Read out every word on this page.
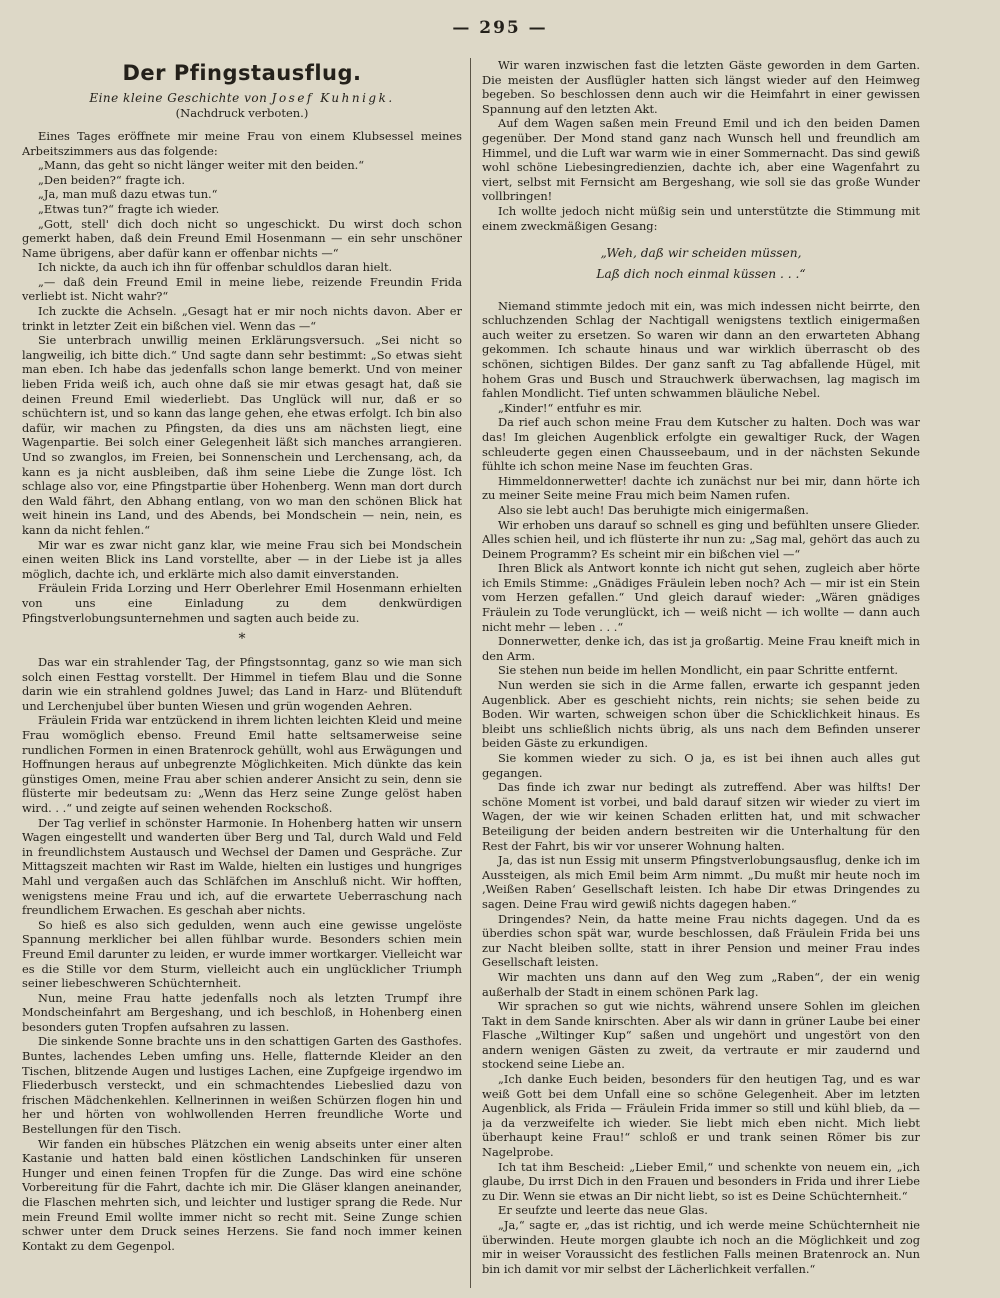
— 295 —
Der Pfingstausflug.
Eine kleine Geschichte von Josef Kuhnigk.
(Nachdruck verboten.)

Eines Tages eröffnete mir meine Frau von einem Klubsessel meines Arbeitszimmers aus das folgende:

„Mann, das geht so nicht länger weiter mit den beiden.“

„Den beiden?“ fragte ich.

„Ja, man muß dazu etwas tun.“

„Etwas tun?“ fragte ich wieder.

„Gott, stell' dich doch nicht so ungeschickt. Du wirst doch schon gemerkt haben, daß dein Freund Emil Hosenmann — ein sehr unschöner Name übrigens, aber dafür kann er offenbar nichts —“

Ich nickte, da auch ich ihn für offenbar schuldlos daran hielt.

„— daß dein Freund Emil in meine liebe, reizende Freundin Frida verliebt ist. Nicht wahr?“

Ich zuckte die Achseln. „Gesagt hat er mir noch nichts davon. Aber er trinkt in letzter Zeit ein bißchen viel. Wenn das —“

Sie unterbrach unwillig meinen Erklärungsversuch. „Sei nicht so langweilig, ich bitte dich.“ Und sagte dann sehr bestimmt: „So etwas sieht man eben. Ich habe das jedenfalls schon lange bemerkt. Und von meiner lieben Frida weiß ich, auch ohne daß sie mir etwas gesagt hat, daß sie deinen Freund Emil wiederliebt. Das Unglück will nur, daß er so schüchtern ist, und so kann das lange gehen, ehe etwas erfolgt. Ich bin also dafür, wir machen zu Pfingsten, da dies uns am nächsten liegt, eine Wagenpartie. Bei solch einer Gelegenheit läßt sich manches arrangieren. Und so zwanglos, im Freien, bei Sonnenschein und Lerchensang, ach, da kann es ja nicht ausbleiben, daß ihm seine Liebe die Zunge löst. Ich schlage also vor, eine Pfingstpartie über Hohenberg. Wenn man dort durch den Wald fährt, den Abhang entlang, von wo man den schönen Blick hat weit hinein ins Land, und des Abends, bei Mondschein — nein, nein, es kann da nicht fehlen.“

Mir war es zwar nicht ganz klar, wie meine Frau sich bei Mondschein einen weiten Blick ins Land vorstellte, aber — in der Liebe ist ja alles möglich, dachte ich, und erklärte mich also damit einverstanden.

Fräulein Frida Lorzing und Herr Oberlehrer Emil Hosenmann erhielten von uns eine Einladung zu dem denkwürdigen Pfingstverlobungsunternehmen und sagten auch beide zu.

*

Das war ein strahlender Tag, der Pfingstsonntag, ganz so wie man sich solch einen Festtag vorstellt. Der Himmel in tiefem Blau und die Sonne darin wie ein strahlend goldnes Juwel; das Land in Harz- und Blütenduft und Lerchenjubel über bunten Wiesen und grün wogenden Aehren.

Fräulein Frida war entzückend in ihrem lichten leichten Kleid und meine Frau womöglich ebenso. Freund Emil hatte seltsamerweise seine rundlichen Formen in einen Bratenrock gehüllt, wohl aus Erwägungen und Hoffnungen heraus auf unbegrenzte Möglichkeiten. Mich dünkte das kein günstiges Omen, meine Frau aber schien anderer Ansicht zu sein, denn sie flüsterte mir bedeutsam zu: „Wenn das Herz seine Zunge gelöst haben wird. . .“ und zeigte auf seinen wehenden Rockschoß.

Der Tag verlief in schönster Harmonie. In Hohenberg hatten wir unsern Wagen eingestellt und wanderten über Berg und Tal, durch Wald und Feld in freundlichstem Austausch und Wechsel der Damen und Gespräche. Zur Mittagszeit machten wir Rast im Walde, hielten ein lustiges und hungriges Mahl und vergaßen auch das Schläfchen im Anschluß nicht. Wir hofften, wenigstens meine Frau und ich, auf die erwartete Ueberraschung nach freundlichem Erwachen. Es geschah aber nichts.

So hieß es also sich gedulden, wenn auch eine gewisse ungelöste Spannung merklicher bei allen fühlbar wurde. Besonders schien mein Freund Emil darunter zu leiden, er wurde immer wortkarger. Vielleicht war es die Stille vor dem Sturm, vielleicht auch ein unglücklicher Triumph seiner liebeschweren Schüchternheit.

Nun, meine Frau hatte jedenfalls noch als letzten Trumpf ihre Mondscheinfahrt am Bergeshang, und ich beschloß, in Hohenberg einen besonders guten Tropfen aufsahren zu lassen.

Die sinkende Sonne brachte uns in den schattigen Garten des Gasthofes. Buntes, lachendes Leben umfing uns. Helle, flatternde Kleider an den Tischen, blitzende Augen und lustiges Lachen, eine Zupfgeige irgendwo im Fliederbusch versteckt, und ein schmachtendes Liebeslied dazu von frischen Mädchenkehlen. Kellnerinnen in weißen Schürzen flogen hin und her und hörten von wohlwollenden Herren freundliche Worte und Bestellungen für den Tisch.

Wir fanden ein hübsches Plätzchen ein wenig abseits unter einer alten Kastanie und hatten bald einen köstlichen Landschinken für unseren Hunger und einen feinen Tropfen für die Zunge. Das wird eine schöne Vorbereitung für die Fahrt, dachte ich mir. Die Gläser klangen aneinander, die Flaschen mehrten sich, und leichter und lustiger sprang die Rede. Nur mein Freund Emil wollte immer nicht so recht mit. Seine Zunge schien schwer unter dem Druck seines Herzens. Sie fand noch immer keinen Kontakt zu dem Gegenpol.

Wir waren inzwischen fast die letzten Gäste geworden in dem Garten. Die meisten der Ausflügler hatten sich längst wieder auf den Heimweg begeben. So beschlossen denn auch wir die Heimfahrt in einer gewissen Spannung auf den letzten Akt.

Auf dem Wagen saßen mein Freund Emil und ich den beiden Damen gegenüber. Der Mond stand ganz nach Wunsch hell und freundlich am Himmel, und die Luft war warm wie in einer Sommernacht. Das sind gewiß wohl schöne Liebesingredienzien, dachte ich, aber eine Wagenfahrt zu viert, selbst mit Fernsicht am Bergeshang, wie soll sie das große Wunder vollbringen!

Ich wollte jedoch nicht müßig sein und unterstützte die Stimmung mit einem zweckmäßigen Gesang:

„Weh, daß wir scheiden müssen,
Laß dich noch einmal küssen . . .“

Niemand stimmte jedoch mit ein, was mich indessen nicht beirrte, den schluchzenden Schlag der Nachtigall wenigstens textlich einigermaßen auch weiter zu ersetzen. So waren wir dann an den erwarteten Abhang gekommen. Ich schaute hinaus und war wirklich überrascht ob des schönen, sichtigen Bildes. Der ganz sanft zu Tag abfallende Hügel, mit hohem Gras und Busch und Strauchwerk überwachsen, lag magisch im fahlen Mondlicht. Tief unten schwammen bläuliche Nebel.

„Kinder!“ entfuhr es mir.

Da rief auch schon meine Frau dem Kutscher zu halten. Doch was war das! Im gleichen Augenblick erfolgte ein gewaltiger Ruck, der Wagen schleuderte gegen einen Chausseebaum, und in der nächsten Sekunde fühlte ich schon meine Nase im feuchten Gras.

Himmeldonnerwetter! dachte ich zunächst nur bei mir, dann hörte ich zu meiner Seite meine Frau mich beim Namen rufen.

Also sie lebt auch! Das beruhigte mich einigermaßen.

Wir erhoben uns darauf so schnell es ging und befühlten unsere Glieder. Alles schien heil, und ich flüsterte ihr nun zu: „Sag mal, gehört das auch zu Deinem Programm? Es scheint mir ein bißchen viel —“

Ihren Blick als Antwort konnte ich nicht gut sehen, zugleich aber hörte ich Emils Stimme: „Gnädiges Fräulein leben noch? Ach — mir ist ein Stein vom Herzen gefallen.“ Und gleich darauf wieder: „Wären gnädiges Fräulein zu Tode verunglückt, ich — weiß nicht — ich wollte — dann auch nicht mehr — leben . . .“

Donnerwetter, denke ich, das ist ja großartig. Meine Frau kneift mich in den Arm.

Sie stehen nun beide im hellen Mondlicht, ein paar Schritte entfernt.

Nun werden sie sich in die Arme fallen, erwarte ich gespannt jeden Augenblick. Aber es geschieht nichts, rein nichts; sie sehen beide zu Boden. Wir warten, schweigen schon über die Schicklichkeit hinaus. Es bleibt uns schließlich nichts übrig, als uns nach dem Befinden unserer beiden Gäste zu erkundigen.

Sie kommen wieder zu sich. O ja, es ist bei ihnen auch alles gut gegangen.

Das finde ich zwar nur bedingt als zutreffend. Aber was hilfts! Der schöne Moment ist vorbei, und bald darauf sitzen wir wieder zu viert im Wagen, der wie wir keinen Schaden erlitten hat, und mit schwacher Beteiligung der beiden andern bestreiten wir die Unterhaltung für den Rest der Fahrt, bis wir vor unserer Wohnung halten.

Ja, das ist nun Essig mit unserm Pfingstverlobungsausflug, denke ich im Aussteigen, als mich Emil beim Arm nimmt. „Du mußt mir heute noch im ‚Weißen Raben‘ Gesellschaft leisten. Ich habe Dir etwas Dringendes zu sagen. Deine Frau wird gewiß nichts dagegen haben.“

Dringendes? Nein, da hatte meine Frau nichts dagegen. Und da es überdies schon spät war, wurde beschlossen, daß Fräulein Frida bei uns zur Nacht bleiben sollte, statt in ihrer Pension und meiner Frau indes Gesellschaft leisten.

Wir machten uns dann auf den Weg zum „Raben“, der ein wenig außerhalb der Stadt in einem schönen Park lag.

Wir sprachen so gut wie nichts, während unsere Sohlen im gleichen Takt in dem Sande knirschten. Aber als wir dann in grüner Laube bei einer Flasche „Wiltinger Kup“ saßen und ungehört und ungestört von den andern wenigen Gästen zu zweit, da vertraute er mir zaudernd und stockend seine Liebe an.

„Ich danke Euch beiden, besonders für den heutigen Tag, und es war weiß Gott bei dem Unfall eine so schöne Gelegenheit. Aber im letzten Augenblick, als Frida — Fräulein Frida immer so still und kühl blieb, da — ja da verzweifelte ich wieder. Sie liebt mich eben nicht. Mich liebt überhaupt keine Frau!“ schloß er und trank seinen Römer bis zur Nagelprobe.

Ich tat ihm Bescheid: „Lieber Emil,“ und schenkte von neuem ein, „ich glaube, Du irrst Dich in den Frauen und besonders in Frida und ihrer Liebe zu Dir. Wenn sie etwas an Dir nicht liebt, so ist es Deine Schüchternheit.“

Er seufzte und leerte das neue Glas.

„Ja,“ sagte er, „das ist richtig, und ich werde meine Schüchternheit nie überwinden. Heute morgen glaubte ich noch an die Möglichkeit und zog mir in weiser Voraussicht des festlichen Falls meinen Bratenrock an. Nun bin ich damit vor mir selbst der Lächerlichkeit verfallen.“
